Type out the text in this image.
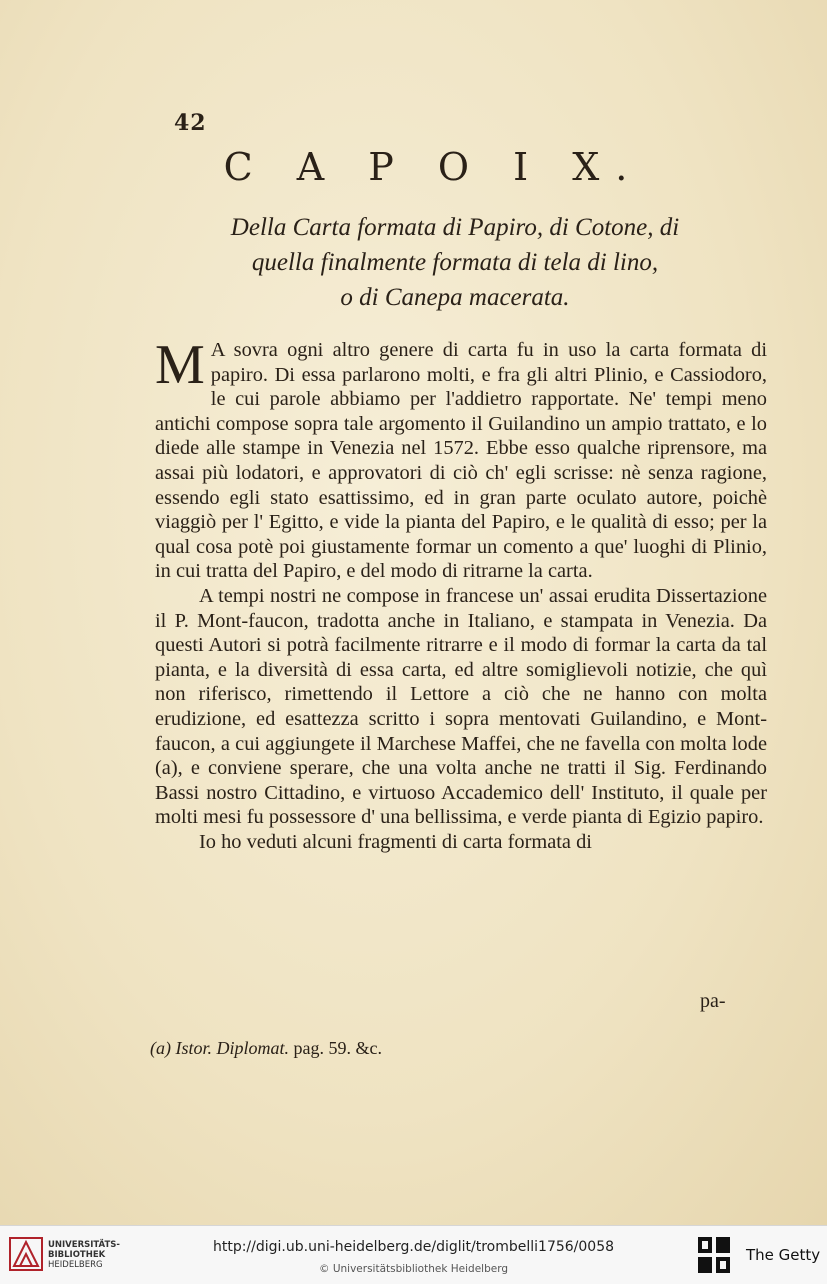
42
C A P O I X.
Della Carta formata di Papiro, di Cotone, di
quella finalmente formata di tela di lino,
o di Canepa macerata.

M A sovra ogni altro genere di carta fu in uso la carta formata di papiro. Di essa parlarono molti, e fra gli altri Plinio, e Cassiodoro, le cui parole abbiamo per l'addietro rapportate. Ne' tempi meno antichi compose sopra tale argomento il Guilandino un ampio trattato, e lo diede alle stampe in Venezia nel 1572. Ebbe esso qualche riprensore, ma assai più lodatori, e approvatori di ciò ch' egli scrisse: nè senza ragione, essendo egli stato esattissimo, ed in gran parte oculato autore, poichè viaggiò per l' Egitto, e vide la pianta del Papiro, e le qualità di esso; per la qual cosa potè poi giustamente formar un comento a que' luoghi di Plinio, in cui tratta del Papiro, e del modo di ritrarne la carta.

A tempi nostri ne compose in francese un' assai erudita Dissertazione il P. Mont-faucon, tradotta anche in Italiano, e stampata in Venezia. Da questi Autori si potrà facilmente ritrarre e il modo di formar la carta da tal pianta, e la diversità di essa carta, ed altre somiglievoli notizie, che quì non riferisco, rimettendo il Lettore a ciò che ne hanno con molta erudizione, ed esattezza scritto i sopra mentovati Guilandino, e Mont-faucon, a cui aggiungete il Marchese Maffei, che ne favella con molta lode (a), e conviene sperare, che una volta anche ne tratti il Sig. Ferdinando Bassi nostro Cittadino, e virtuoso Accademico dell' Instituto, il quale per molti mesi fu possessore d' una bellissima, e verde pianta di Egizio papiro.

Io ho veduti alcuni fragmenti di carta formata di

pa-
(a) Istor. Diplomat. pag. 59. &c.
UNIVERSITÄTS-
BIBLIOTHEK
HEIDELBERG
http://digi.ub.uni-heidelberg.de/diglit/trombelli1756/0058
© Universitätsbibliothek Heidelberg
The Getty
